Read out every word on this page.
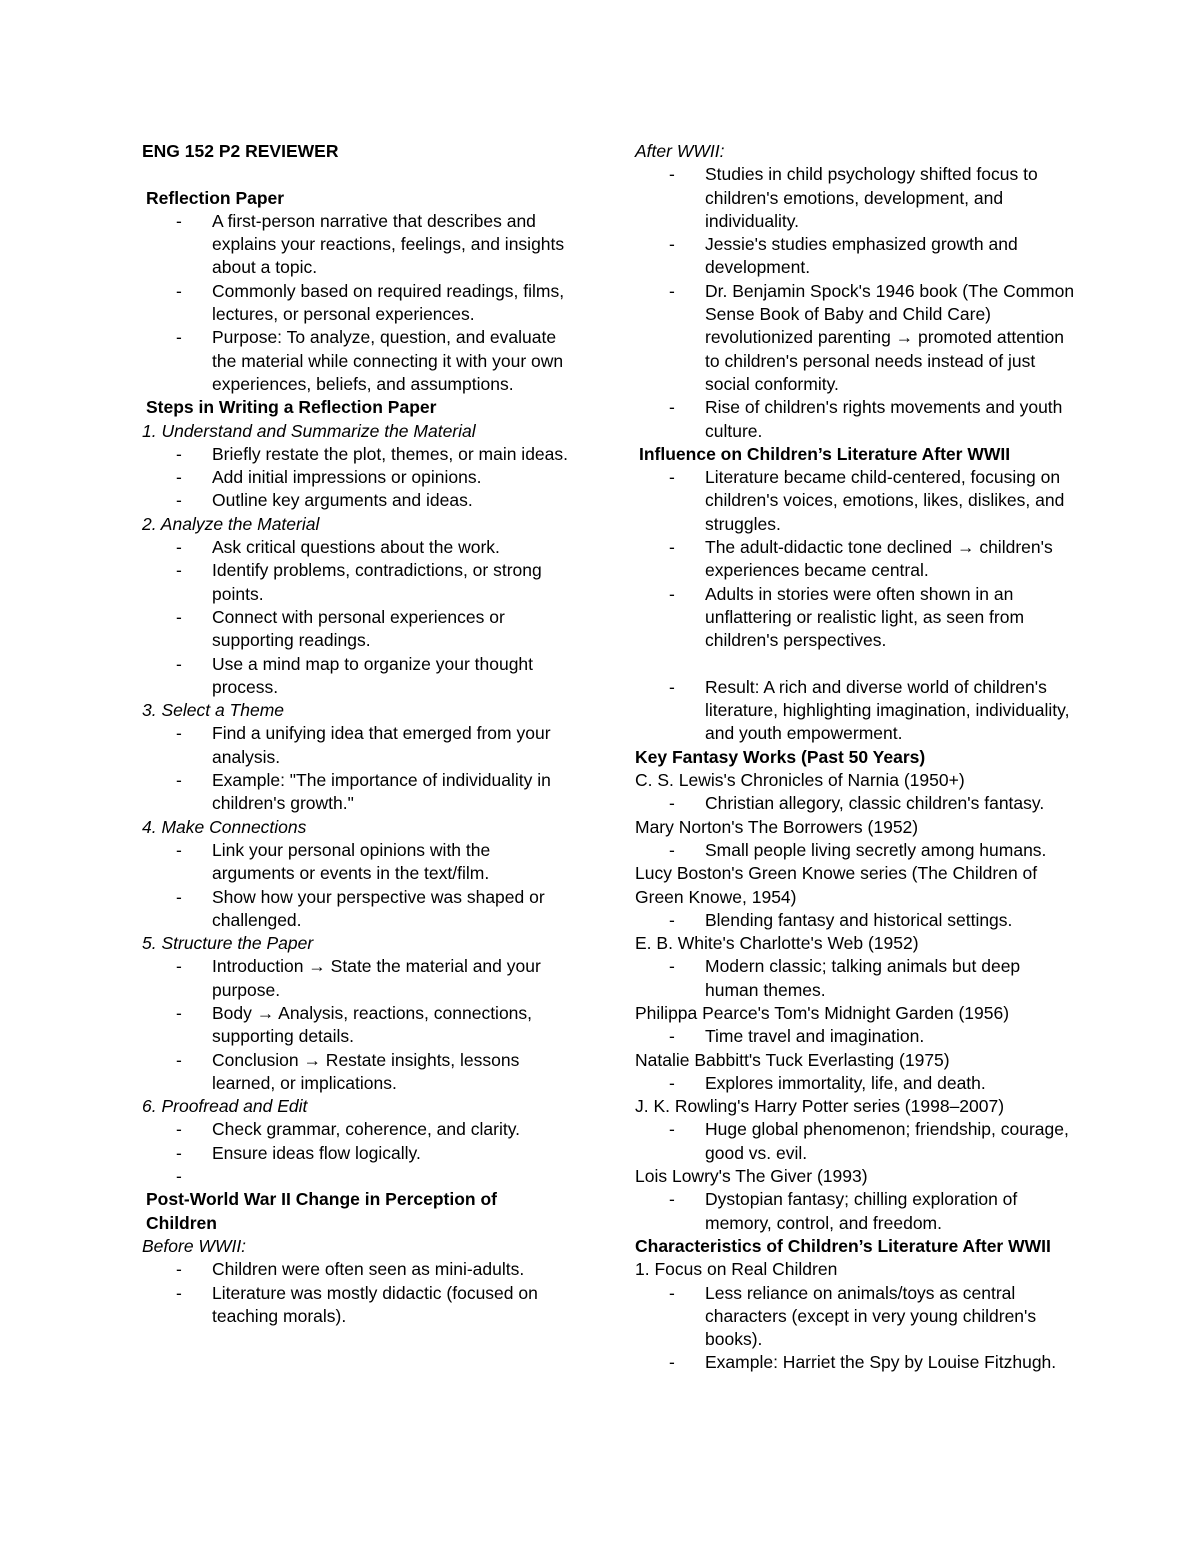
ENG 152 P2 REVIEWER
Reflection Paper
- A first-person narrative that describes and explains your reactions, feelings, and insights about a topic.
- Commonly based on required readings, films, lectures, or personal experiences.
- Purpose: To analyze, question, and evaluate the material while connecting it with your own experiences, beliefs, and assumptions.
Steps in Writing a Reflection Paper
1. Understand and Summarize the Material
- Briefly restate the plot, themes, or main ideas.
- Add initial impressions or opinions.
- Outline key arguments and ideas.
2. Analyze the Material
- Ask critical questions about the work.
- Identify problems, contradictions, or strong points.
- Connect with personal experiences or supporting readings.
- Use a mind map to organize your thought process.
3. Select a Theme
- Find a unifying idea that emerged from your analysis.
- Example: "The importance of individuality in children's growth."
4. Make Connections
- Link your personal opinions with the arguments or events in the text/film.
- Show how your perspective was shaped or challenged.
5. Structure the Paper
- Introduction → State the material and your purpose.
- Body → Analysis, reactions, connections, supporting details.
- Conclusion → Restate insights, lessons learned, or implications.
6. Proofread and Edit
- Check grammar, coherence, and clarity.
- Ensure ideas flow logically.
-
Post-World War II Change in Perception of Children
Before WWII:
- Children were often seen as mini-adults.
- Literature was mostly didactic (focused on teaching morals).
After WWII:
- Studies in child psychology shifted focus to children's emotions, development, and individuality.
- Jessie's studies emphasized growth and development.
- Dr. Benjamin Spock's 1946 book (The Common Sense Book of Baby and Child Care) revolutionized parenting → promoted attention to children's personal needs instead of just social conformity.
- Rise of children's rights movements and youth culture.
Influence on Children’s Literature After WWII
- Literature became child-centered, focusing on children's voices, emotions, likes, dislikes, and struggles.
- The adult-didactic tone declined → children's experiences became central.
- Adults in stories were often shown in an unflattering or realistic light, as seen from children's perspectives.
- Result: A rich and diverse world of children's literature, highlighting imagination, individuality, and youth empowerment.
Key Fantasy Works (Past 50 Years)
C. S. Lewis's Chronicles of Narnia (1950+)
- Christian allegory, classic children's fantasy.
Mary Norton's The Borrowers (1952)
- Small people living secretly among humans.
Lucy Boston's Green Knowe series (The Children of Green Knowe, 1954)
- Blending fantasy and historical settings.
E. B. White's Charlotte's Web (1952)
- Modern classic; talking animals but deep human themes.
Philippa Pearce's Tom's Midnight Garden (1956)
- Time travel and imagination.
Natalie Babbitt's Tuck Everlasting (1975)
- Explores immortality, life, and death.
J. K. Rowling's Harry Potter series (1998–2007)
- Huge global phenomenon; friendship, courage, good vs. evil.
Lois Lowry's The Giver (1993)
- Dystopian fantasy; chilling exploration of memory, control, and freedom.
Characteristics of Children’s Literature After WWII
1. Focus on Real Children
- Less reliance on animals/toys as central characters (except in very young children's books).
- Example: Harriet the Spy by Louise Fitzhugh.
